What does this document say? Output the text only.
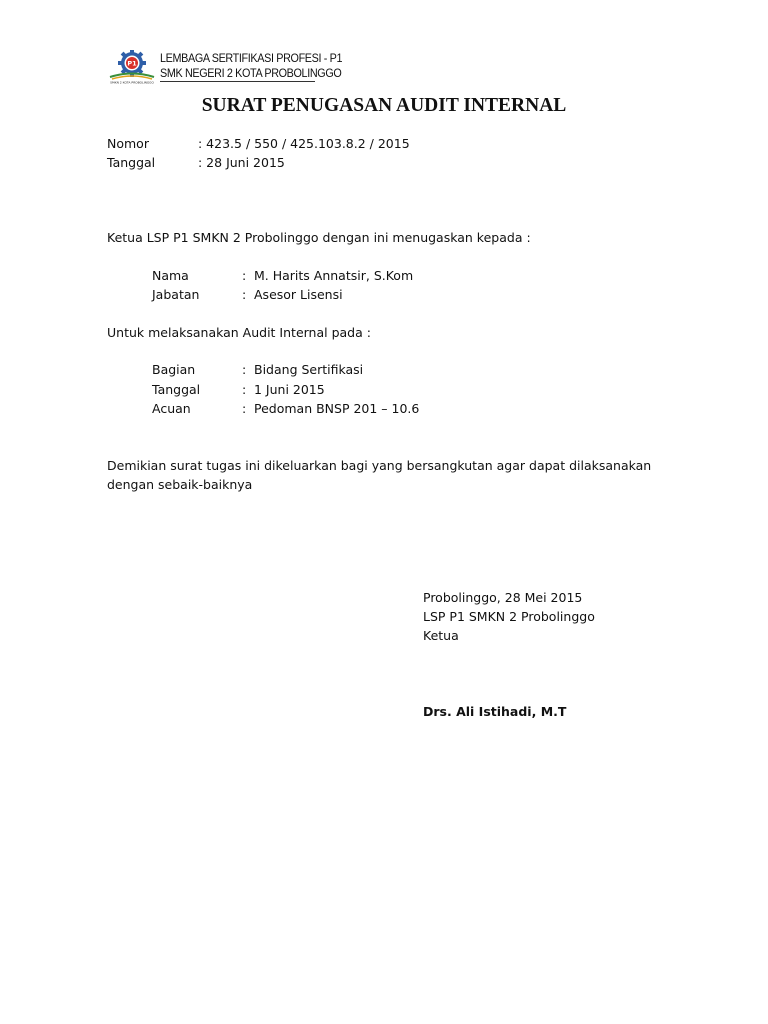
P1
SMKN 2 KOTA PROBOLINGGO
LEMBAGA SERTIFIKASI PROFESI - P1
SMK NEGERI 2 KOTA PROBOLINGGO
SURAT PENUGASAN AUDIT INTERNAL
Nomor	: 423.5 / 550 / 425.103.8.2 / 2015
Tanggal	: 28 Juni 2015
Ketua LSP P1 SMKN 2 Probolinggo dengan ini menugaskan kepada :
Nama	: M. Harits Annatsir, S.Kom
Jabatan	: Asesor Lisensi
Untuk melaksanakan Audit Internal pada :
Bagian	: Bidang Sertifikasi
Tanggal	: 1 Juni 2015
Acuan	: Pedoman BNSP 201 – 10.6
Demikian surat tugas ini dikeluarkan bagi yang bersangkutan agar dapat dilaksanakan
dengan sebaik-baiknya
Probolinggo, 28 Mei 2015
LSP P1 SMKN 2 Probolinggo
Ketua
Drs. Ali Istihadi, M.T
